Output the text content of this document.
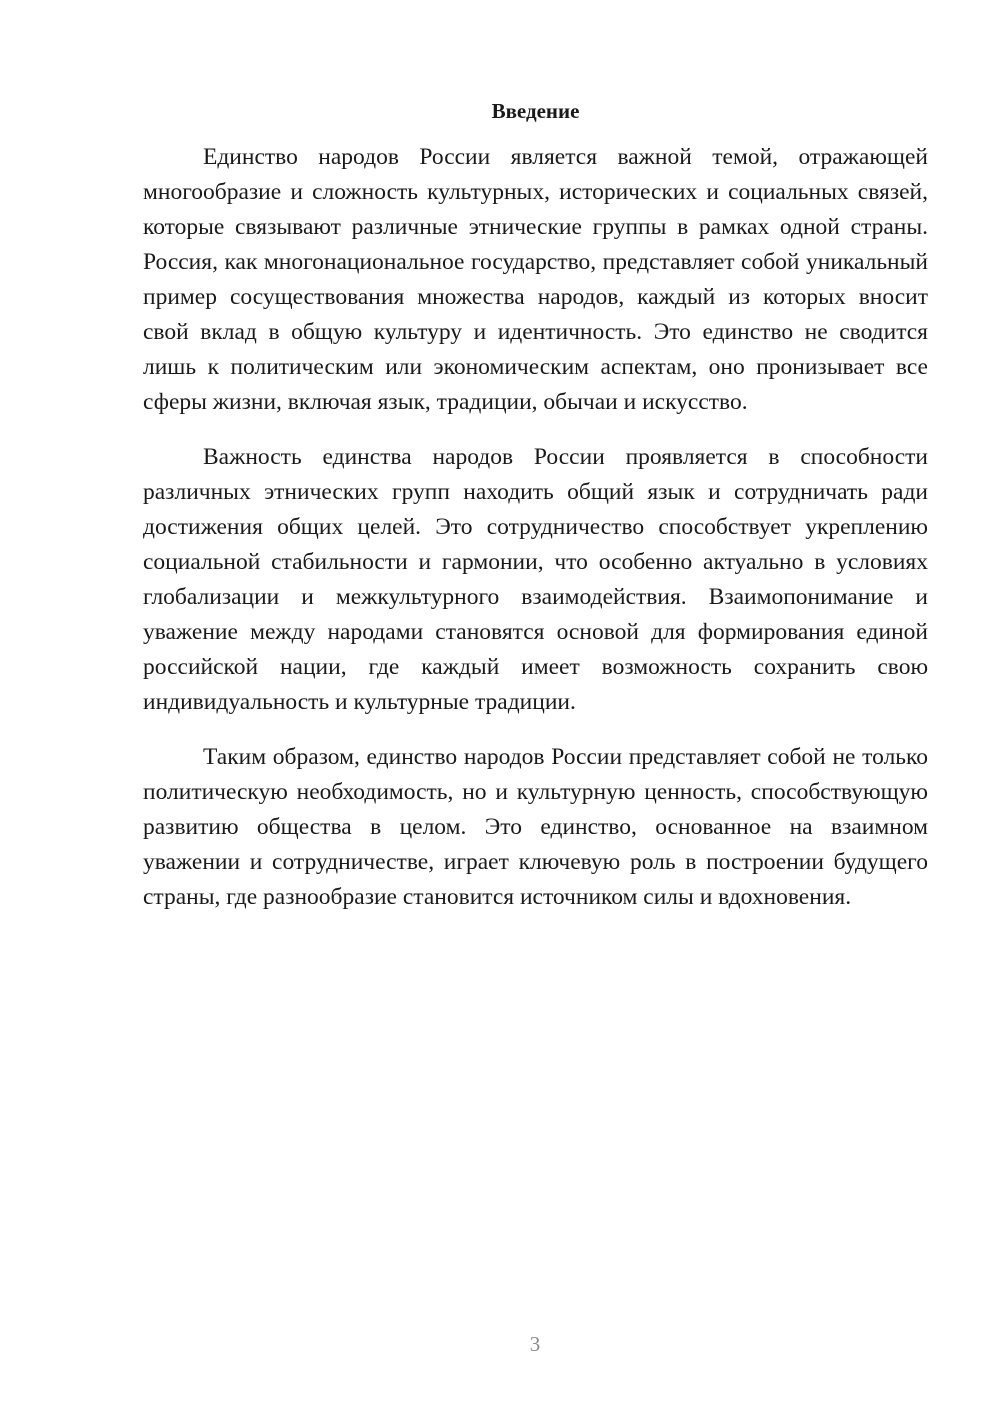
Введение

Единство народов России является важной темой, отражающей многообразие и сложность культурных, исторических и социальных связей, которые связывают различные этнические группы в рамках одной страны. Россия, как многонациональное государство, представляет собой уникальный пример сосуществования множества народов, каждый из которых вносит свой вклад в общую культуру и идентичность. Это единство не сводится лишь к политическим или экономическим аспектам, оно пронизывает все сферы жизни, включая язык, традиции, обычаи и искусство.

Важность единства народов России проявляется в способности различных этнических групп находить общий язык и сотрудничать ради достижения общих целей. Это сотрудничество способствует укреплению социальной стабильности и гармонии, что особенно актуально в условиях глобализации и межкультурного взаимодействия. Взаимопонимание и уважение между народами становятся основой для формирования единой российской нации, где каждый имеет возможность сохранить свою индивидуальность и культурные традиции.

Таким образом, единство народов России представляет собой не только политическую необходимость, но и культурную ценность, способствующую развитию общества в целом. Это единство, основанное на взаимном уважении и сотрудничестве, играет ключевую роль в построении будущего страны, где разнообразие становится источником силы и вдохновения.

3
